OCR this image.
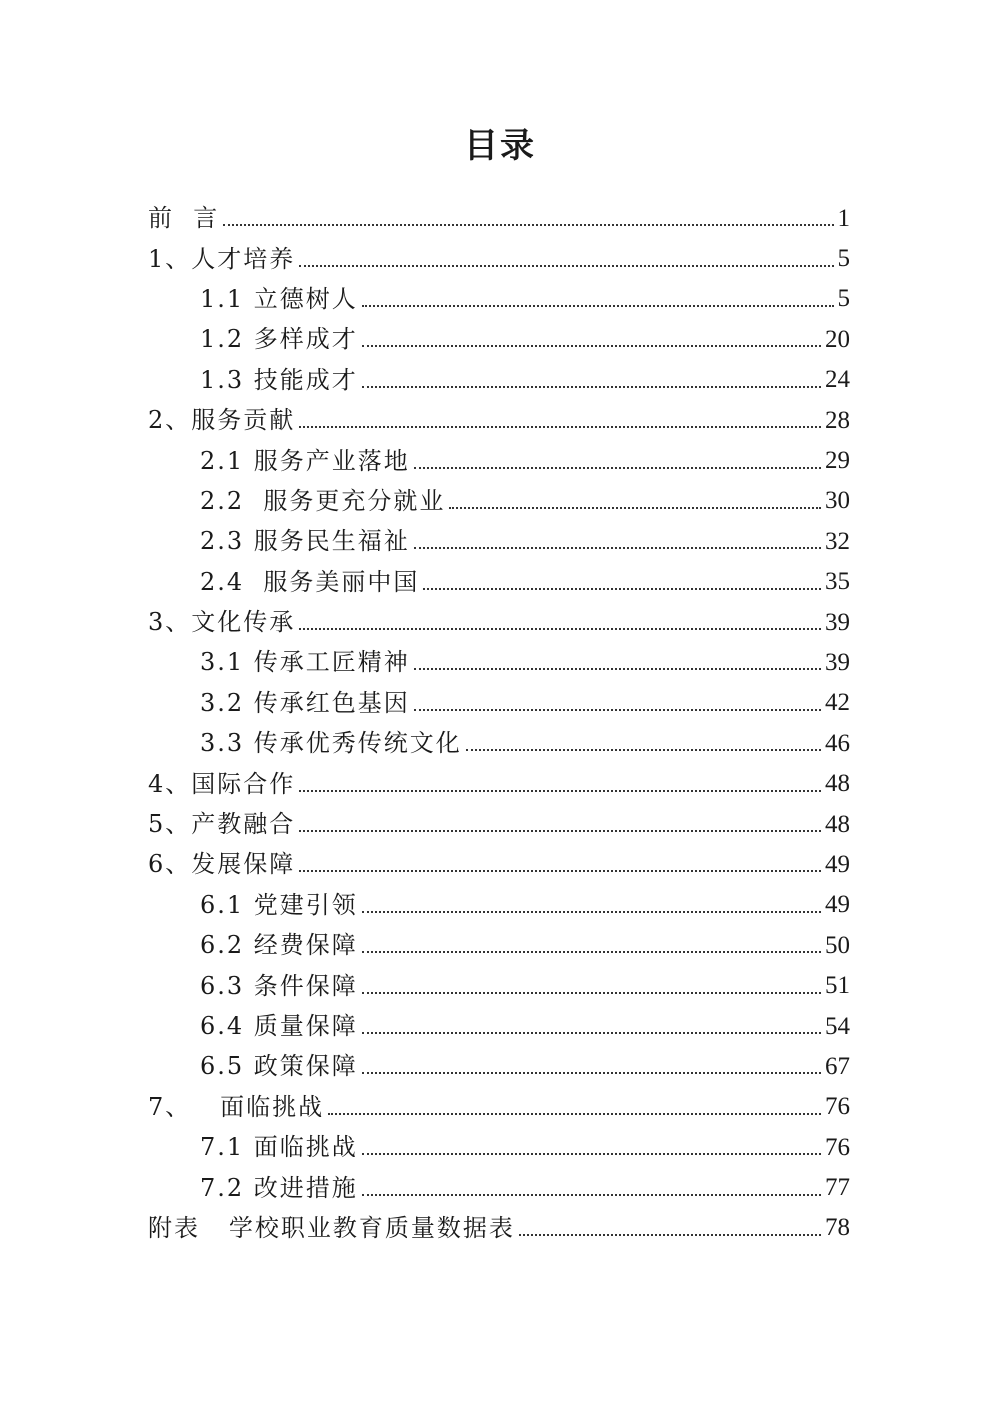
目录
前  言	1
1、人才培养	5
1.1 立德树人	5
1.2 多样成才	20
1.3 技能成才	24
2、服务贡献	28
2.1 服务产业落地	29
2.2  服务更充分就业	30
2.3 服务民生福祉	32
2.4  服务美丽中国	35
3、文化传承	39
3.1 传承工匠精神	39
3.2 传承红色基因	42
3.3 传承优秀传统文化	46
4、国际合作	48
5、产教融合	48
6、发展保障	49
6.1 党建引领	49
6.2 经费保障	50
6.3 条件保障	51
6.4 质量保障	54
6.5 政策保障	67
7、   面临挑战	76
7.1 面临挑战	76
7.2 改进措施	77
附表   学校职业教育质量数据表	78
